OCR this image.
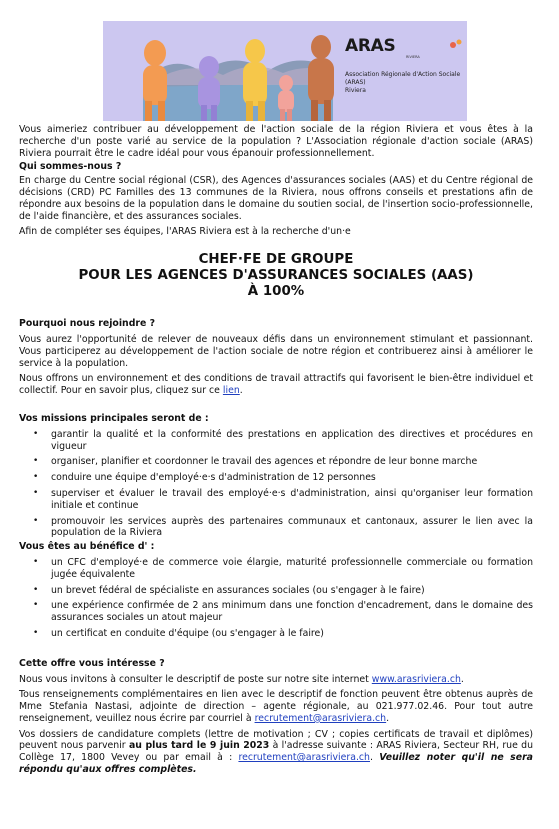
ARAS
RIVIERA
Association Régionale d'Action Sociale (ARAS)
Riviera

Vous aimeriez contribuer au développement de l'action sociale de la région Riviera et vous êtes à la recherche d'un poste varié au service de la population ? L'Association régionale d'action sociale (ARAS) Riviera pourrait être le cadre idéal pour vous épanouir professionnellement.

Qui sommes-nous ?

En charge du Centre social régional (CSR), des Agences d'assurances sociales (AAS) et du Centre régional de décisions (CRD) PC Familles des 13 communes de la Riviera, nous offrons conseils et prestations afin de répondre aux besoins de la population dans le domaine du soutien social, de l'insertion socio-professionnelle, de l'aide financière, et des assurances sociales.

Afin de compléter ses équipes, l'ARAS Riviera est à la recherche d'un·e

CHEF·FE DE GROUPE
POUR LES AGENCES D'ASSURANCES SOCIALES (AAS)
À 100%

Pourquoi nous rejoindre ?

Vous aurez l'opportunité de relever de nouveaux défis dans un environnement stimulant et passionnant. Vous participerez au développement de l'action sociale de notre région et contribuerez ainsi à améliorer le service à la population.

Nous offrons un environnement et des conditions de travail attractifs qui favorisent le bien-être individuel et collectif. Pour en savoir plus, cliquez sur ce lien.

Vos missions principales seront de :

• garantir la qualité et la conformité des prestations en application des directives et procédures en vigueur
• organiser, planifier et coordonner le travail des agences et répondre de leur bonne marche
• conduire une équipe d'employé·e·s d'administration de 12 personnes
• superviser et évaluer le travail des employé·e·s d'administration, ainsi qu'organiser leur formation initiale et continue
• promouvoir les services auprès des partenaires communaux et cantonaux, assurer le lien avec la population de la Riviera

Vous êtes au bénéfice d' :

• un CFC d'employé·e de commerce voie élargie, maturité professionnelle commerciale ou formation jugée équivalente
• un brevet fédéral de spécialiste en assurances sociales (ou s'engager à le faire)
• une expérience confirmée de 2 ans minimum dans une fonction d'encadrement, dans le domaine des assurances sociales un atout majeur
• un certificat en conduite d'équipe (ou s'engager à le faire)

Cette offre vous intéresse ?

Nous vous invitons à consulter le descriptif de poste sur notre site internet www.arasriviera.ch.

Tous renseignements complémentaires en lien avec le descriptif de fonction peuvent être obtenus auprès de Mme Stefania Nastasi, adjointe de direction – agente régionale, au 021.977.02.46. Pour tout autre renseignement, veuillez nous écrire par courriel à recrutement@arasriviera.ch.

Vos dossiers de candidature complets (lettre de motivation ; CV ; copies certificats de travail et diplômes) peuvent nous parvenir au plus tard le 9 juin 2023 à l'adresse suivante : ARAS Riviera, Secteur RH, rue du Collège 17, 1800 Vevey ou par email à : recrutement@arasriviera.ch. Veuillez noter qu'il ne sera répondu qu'aux offres complètes.
